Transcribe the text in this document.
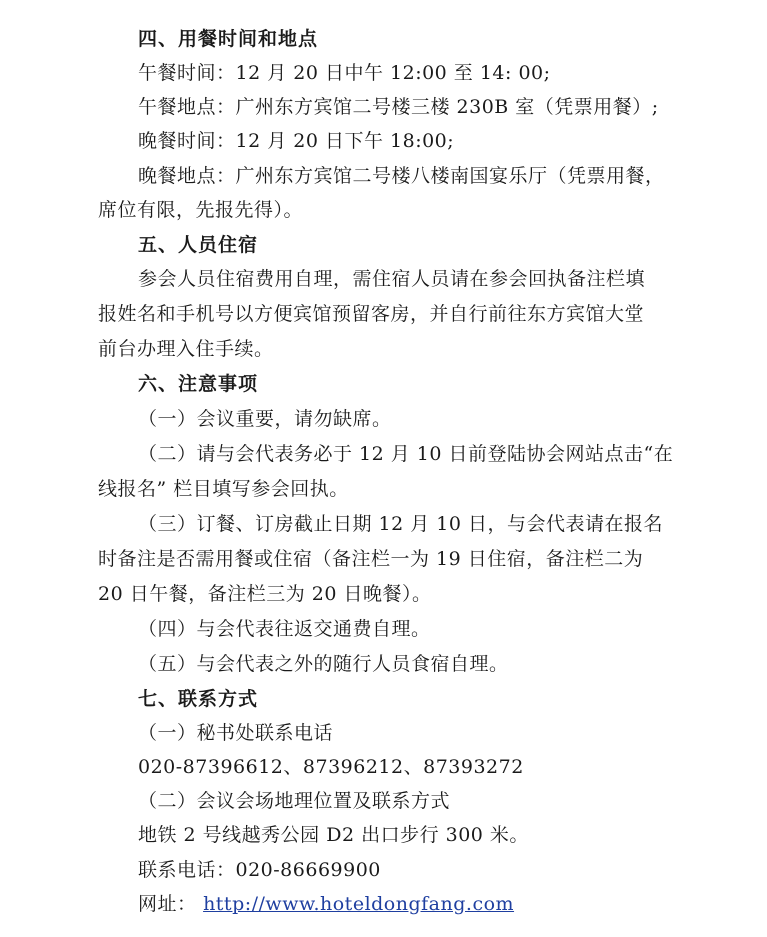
四、用餐时间和地点
午餐时间：12 月 20 日中午 12:00 至 14: 00;
午餐地点：广州东方宾馆二号楼三楼 230B 室（凭票用餐）;
晚餐时间：12 月 20 日下午 18:00;
晚餐地点：广州东方宾馆二号楼八楼南国宴乐厅（凭票用餐，
席位有限，先报先得）。
五、人员住宿
参会人员住宿费用自理，需住宿人员请在参会回执备注栏填
报姓名和手机号以方便宾馆预留客房，并自行前往东方宾馆大堂
前台办理入住手续。
六、注意事项
（一）会议重要，请勿缺席。
（二）请与会代表务必于 12 月 10 日前登陆协会网站点击“在
线报名” 栏目填写参会回执。
（三）订餐、订房截止日期 12 月 10 日，与会代表请在报名
时备注是否需用餐或住宿（备注栏一为 19 日住宿，备注栏二为
20 日午餐，备注栏三为 20 日晚餐）。
（四）与会代表往返交通费自理。
（五）与会代表之外的随行人员食宿自理。
七、联系方式
（一）秘书处联系电话
020-87396612、87396212、87393272
（二）会议会场地理位置及联系方式
地铁 2 号线越秀公园 D2 出口步行 300 米。
联系电话：020-86669900
网址： http://www.hoteldongfang.com
